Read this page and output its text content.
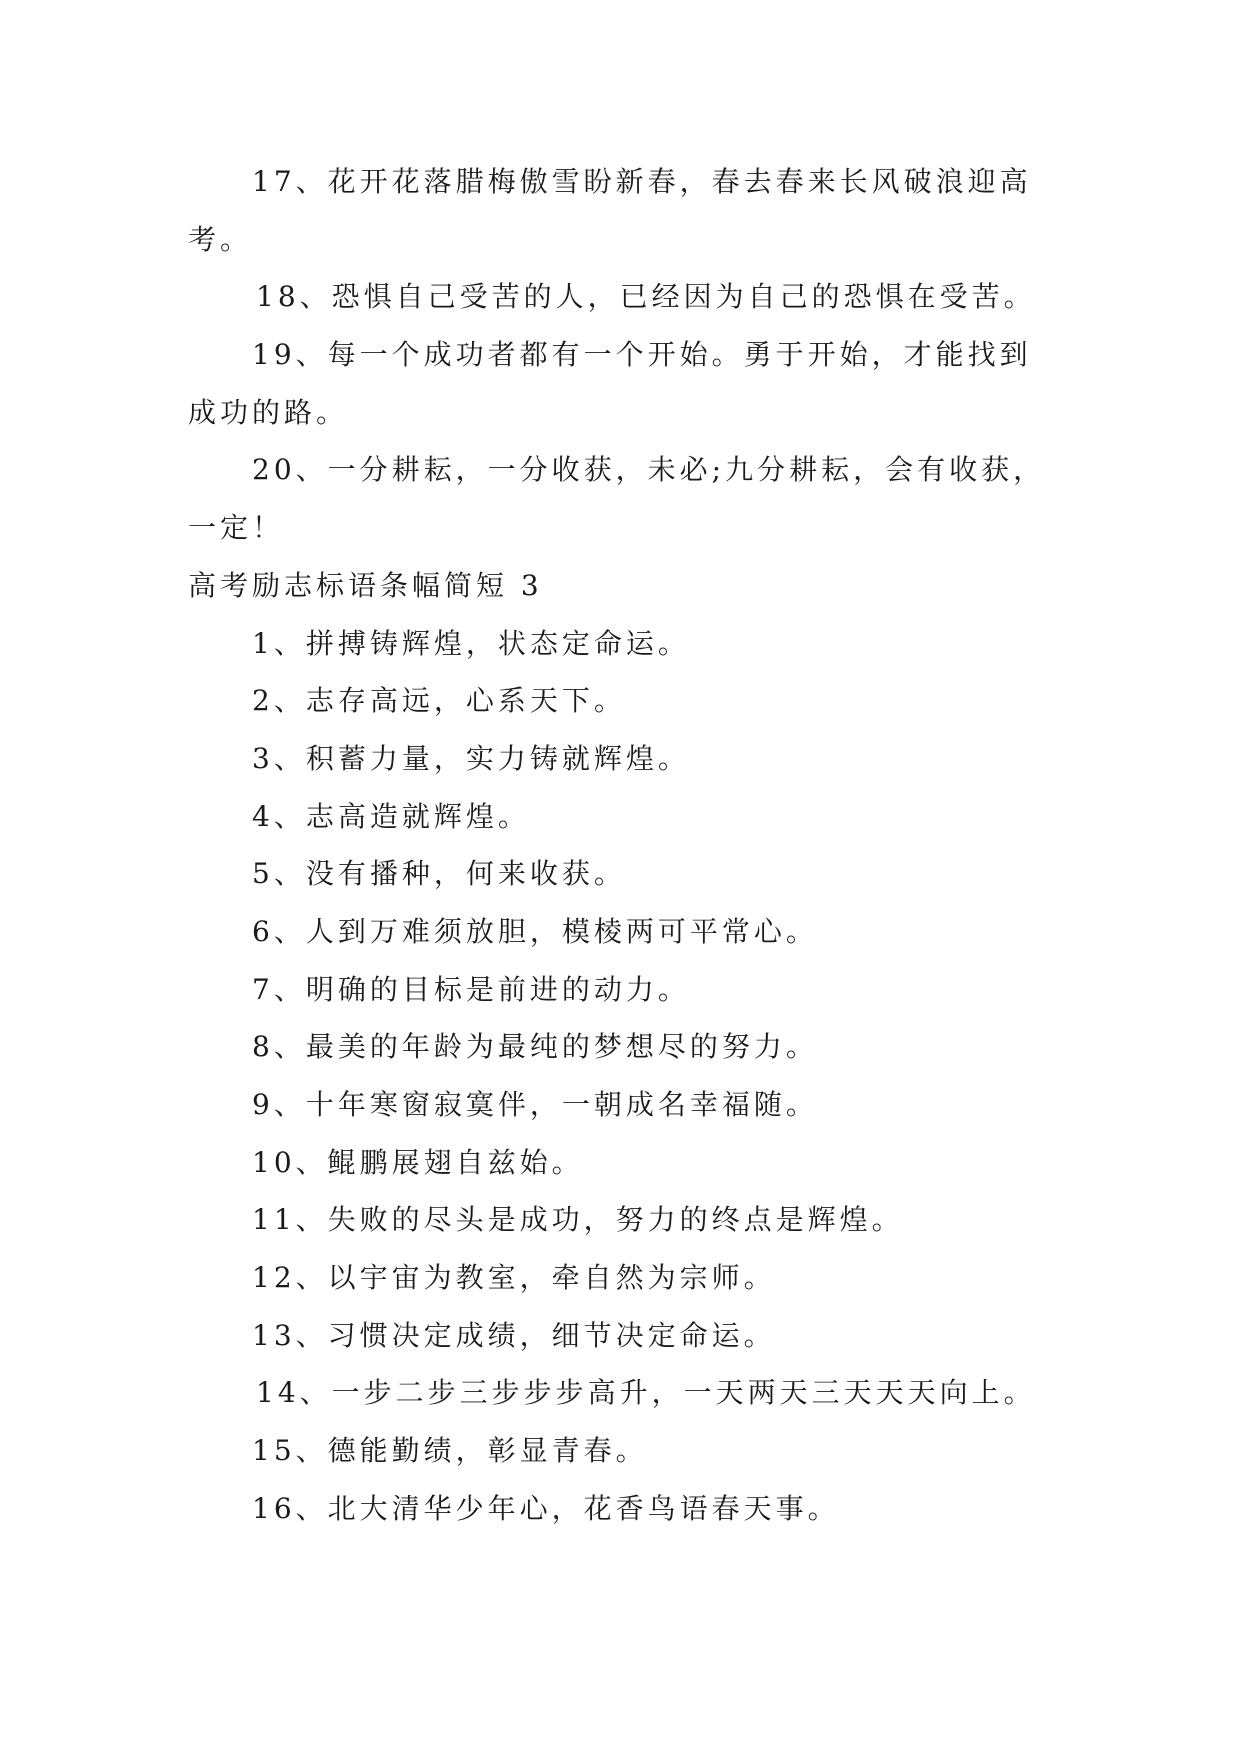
17、花开花落腊梅傲雪盼新春，春去春来长风破浪迎高
考。

18、恐惧自己受苦的人，已经因为自己的恐惧在受苦。

19、每一个成功者都有一个开始。勇于开始，才能找到
成功的路。

20、一分耕耘，一分收获，未必;九分耕耘，会有收获，
一定！

高考励志标语条幅简短 3

1、拼搏铸辉煌，状态定命运。

2、志存高远，心系天下。

3、积蓄力量，实力铸就辉煌。

4、志高造就辉煌。

5、没有播种，何来收获。

6、人到万难须放胆，模棱两可平常心。

7、明确的目标是前进的动力。

8、最美的年龄为最纯的梦想尽的努力。

9、十年寒窗寂寞伴，一朝成名幸福随。

10、鲲鹏展翅自兹始。

11、失败的尽头是成功，努力的终点是辉煌。

12、以宇宙为教室，牵自然为宗师。

13、习惯决定成绩，细节决定命运。

14、一步二步三步步步高升，一天两天三天天天向上。

15、德能勤绩，彰显青春。

16、北大清华少年心，花香鸟语春天事。
